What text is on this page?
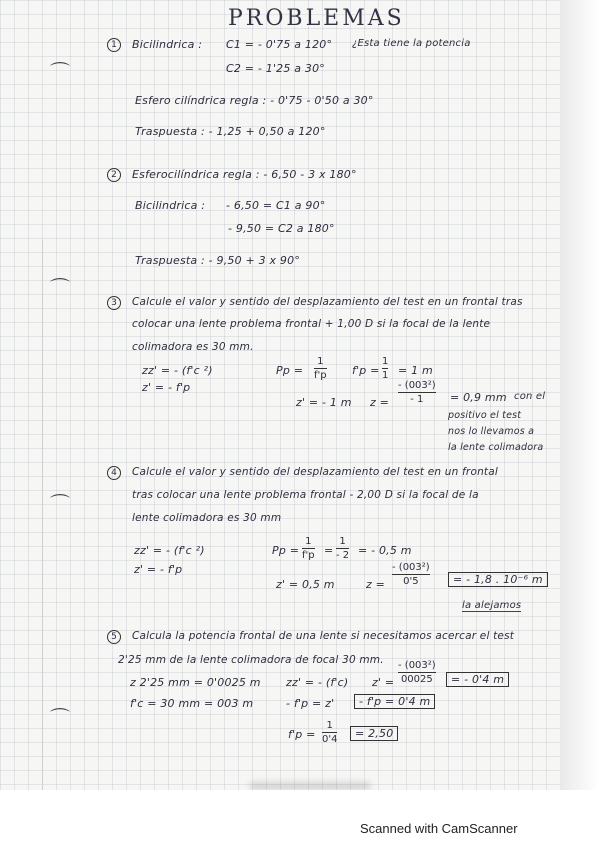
⌒
⌒
⌒
⌒
PROBLEMAS
1	Bicilindrica : C1 = - 0'75 a 120° ¿Esta tiene la potencia
C2 = - 1'25 a 30°
Esfero cilíndrica regla : - 0'75 - 0'50 a 30°
Traspuesta : - 1,25 + 0,50 a 120°
2	Esferocilíndrica regla : - 6,50 - 3 x 180°
Bicilindrica : - 6,50 = C1 a 90°
- 9,50 = C2 a 180°
Traspuesta : - 9,50 + 3 x 90°
3	Calcule el valor y sentido del desplazamiento del test en un frontal tras
colocar una lente problema frontal + 1,00 D si la focal de la lente
colimadora es 30 mm.
zz' = - (f'c ²)
z' = - f'p
Pp =
1
f'p f'p =
1
1 = 1 m
z' = - 1 m z =
- (003²)
- 1 = 0,9 mm con el
positivo el test
nos lo llevamos a
la lente colimadora
4	Calcule el valor y sentido del desplazamiento del test en un frontal
tras colocar una lente problema frontal - 2,00 D si la focal de la
lente colimadora es 30 mm
zz' = - (f'c ²)
z' = - f'p
Pp =
1
f'p =
1
- 2 = - 0,5 m
z' = 0,5 m	z =
- (003²)
0'5	= - 1,8 . 10⁻⁶ m
la alejamos
5	Calcula la potencia frontal de una lente si necesitamos acercar el test
2'25 mm de la lente colimadora de focal 30 mm.
z 2'25 mm = 0'0025 m
f'c = 30 mm = 003 m
zz' = - (f'c) z' =
- (003²)
00025	= - 0'4 m
- f'p = z'	- f'p = 0'4 m
f'p =
1
0'4	= 2,50
Scanned with CamScanner
